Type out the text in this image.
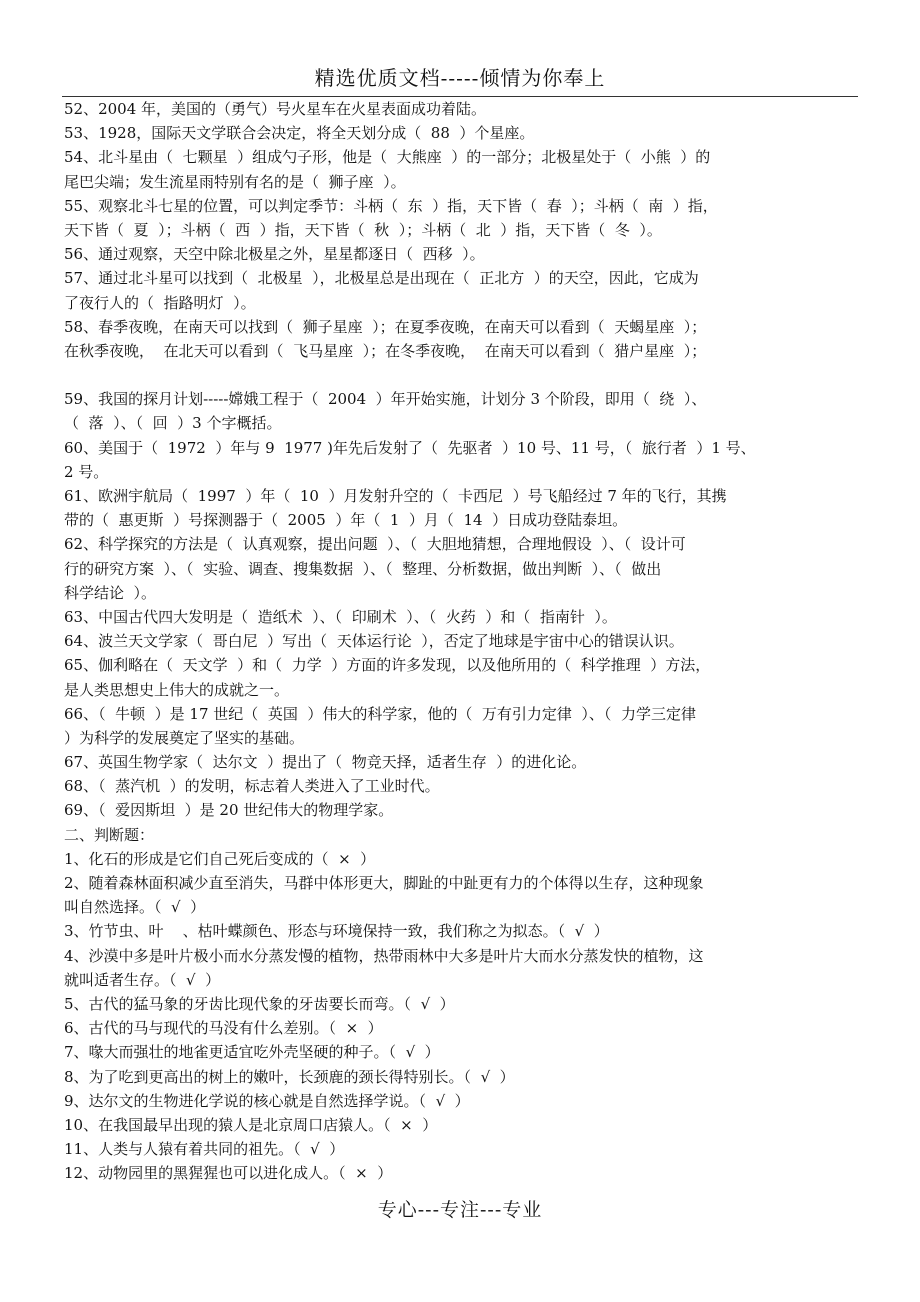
精选优质文档-----倾情为你奉上
52、2004 年，美国的（勇气）号火星车在火星表面成功着陆。
53、1928，国际天文学联合会决定，将全天划分成（  88  ）个星座。
54、北斗星由（  七颗星  ）组成勺子形，他是（  大熊座  ）的一部分；北极星处于（  小熊  ）的
尾巴尖端；发生流星雨特别有名的是（  狮子座  ）。
55、观察北斗七星的位置，可以判定季节：斗柄（  东  ）指，天下皆（  春  ）；斗柄（  南  ）指，
天下皆（  夏  ）；斗柄（  西  ）指，天下皆（  秋  ）；斗柄（  北  ）指，天下皆（  冬  ）。
56、通过观察，天空中除北极星之外，星星都逐日（  西移  ）。
57、通过北斗星可以找到（  北极星  ），北极星总是出现在（  正北方  ）的天空，因此，它成为
了夜行人的（  指路明灯  ）。
58、春季夜晚，在南天可以找到（  狮子星座  ）；在夏季夜晚，在南天可以看到（  天蝎星座  ）；
在秋季夜晚，  在北天可以看到（  飞马星座  ）；在冬季夜晚，  在南天可以看到（  猎户星座  ）；
59、我国的探月计划-----嫦娥工程于（  2004  ）年开始实施，计划分 3 个阶段，即用（  绕  ）、
（  落  ）、（  回  ）3 个字概括。
60、美国于（  1972  ）年与 9  1977 )年先后发射了（  先驱者  ）10 号、11 号，（  旅行者  ）1 号、
2 号。
61、欧洲宇航局（  1997  ）年（  10  ）月发射升空的（  卡西尼  ）号飞船经过 7 年的飞行，其携
带的（  惠更斯  ）号探测器于（  2005  ）年（  1  ）月（  14  ）日成功登陆泰坦。
62、科学探究的方法是（  认真观察，提出问题  ）、（  大胆地猜想，合理地假设  ）、（  设计可
行的研究方案  ）、（  实验、调查、搜集数据  ）、（  整理、分析数据，做出判断  ）、（  做出
科学结论  ）。
63、中国古代四大发明是（  造纸术  ）、（  印刷术  ）、（  火药  ）和（  指南针  ）。
64、波兰天文学家（  哥白尼  ）写出（  天体运行论  ），否定了地球是宇宙中心的错误认识。
65、伽利略在（  天文学  ）和（  力学  ）方面的许多发现，以及他所用的（  科学推理  ）方法，
是人类思想史上伟大的成就之一。
66、（  牛顿  ）是 17 世纪（  英国  ）伟大的科学家，他的（  万有引力定律  ）、（  力学三定律
）为科学的发展奠定了坚实的基础。
67、英国生物学家（  达尔文  ）提出了（  物竞天择，适者生存  ）的进化论。
68、（  蒸汽机  ）的发明，标志着人类进入了工业时代。
69、（  爱因斯坦  ）是 20 世纪伟大的物理学家。
二、判断题：
1、化石的形成是它们自己死后变成的（  ×  ）
2、随着森林面积减少直至消失，马群中体形更大，脚趾的中趾更有力的个体得以生存，这种现象
叫自然选择。（  √  ）
3、竹节虫、叶    、枯叶蝶颜色、形态与环境保持一致，我们称之为拟态。（  √  ）
4、沙漠中多是叶片极小而水分蒸发慢的植物，热带雨林中大多是叶片大而水分蒸发快的植物，这
就叫适者生存。（  √  ）
5、古代的猛马象的牙齿比现代象的牙齿要长而弯。（  √  ）
6、古代的马与现代的马没有什么差别。（  ×  ）
7、喙大而强壮的地雀更适宜吃外壳坚硬的种子。（  √  ）
8、为了吃到更高出的树上的嫩叶，长颈鹿的颈长得特别长。（  √  ）
9、达尔文的生物进化学说的核心就是自然选择学说。（  √  ）
10、在我国最早出现的猿人是北京周口店猿人。（  ×  ）
11、人类与人猿有着共同的祖先。（  √  ）
12、动物园里的黑猩猩也可以进化成人。（  ×  ）
专心---专注---专业
